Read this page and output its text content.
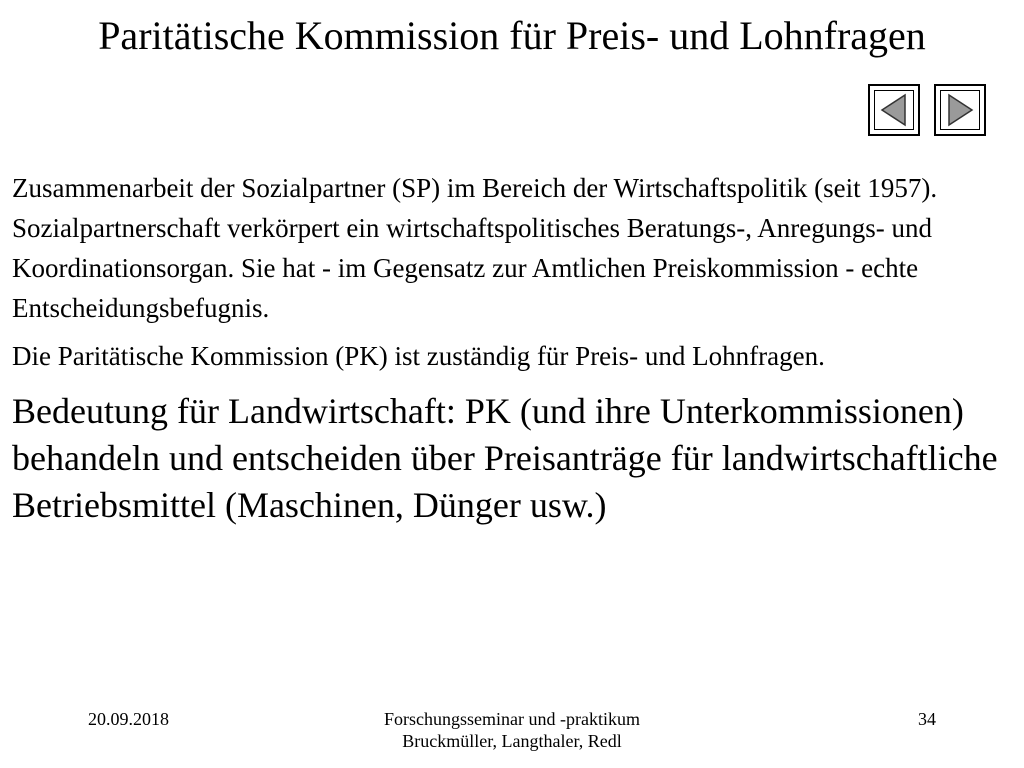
Paritätische Kommission für Preis- und Lohnfragen

Zusammenarbeit der Sozialpartner (SP) im Bereich der Wirtschaftspolitik (seit 1957). Sozialpartnerschaft verkörpert ein wirtschaftspolitisches Beratungs-, Anregungs- und Koordinationsorgan. Sie hat - im Gegensatz zur Amtlichen Preiskommission - echte Entscheidungsbefugnis.

Die Paritätische Kommission (PK) ist zuständig für Preis- und Lohnfragen.

Bedeutung für Landwirtschaft: PK (und ihre Unterkommissionen) behandeln und entscheiden über Preisanträge für landwirtschaftliche Betriebsmittel (Maschinen, Dünger usw.)

20.09.2018	Forschungsseminar und -praktikum
Bruckmüller, Langthaler, Redl
34
